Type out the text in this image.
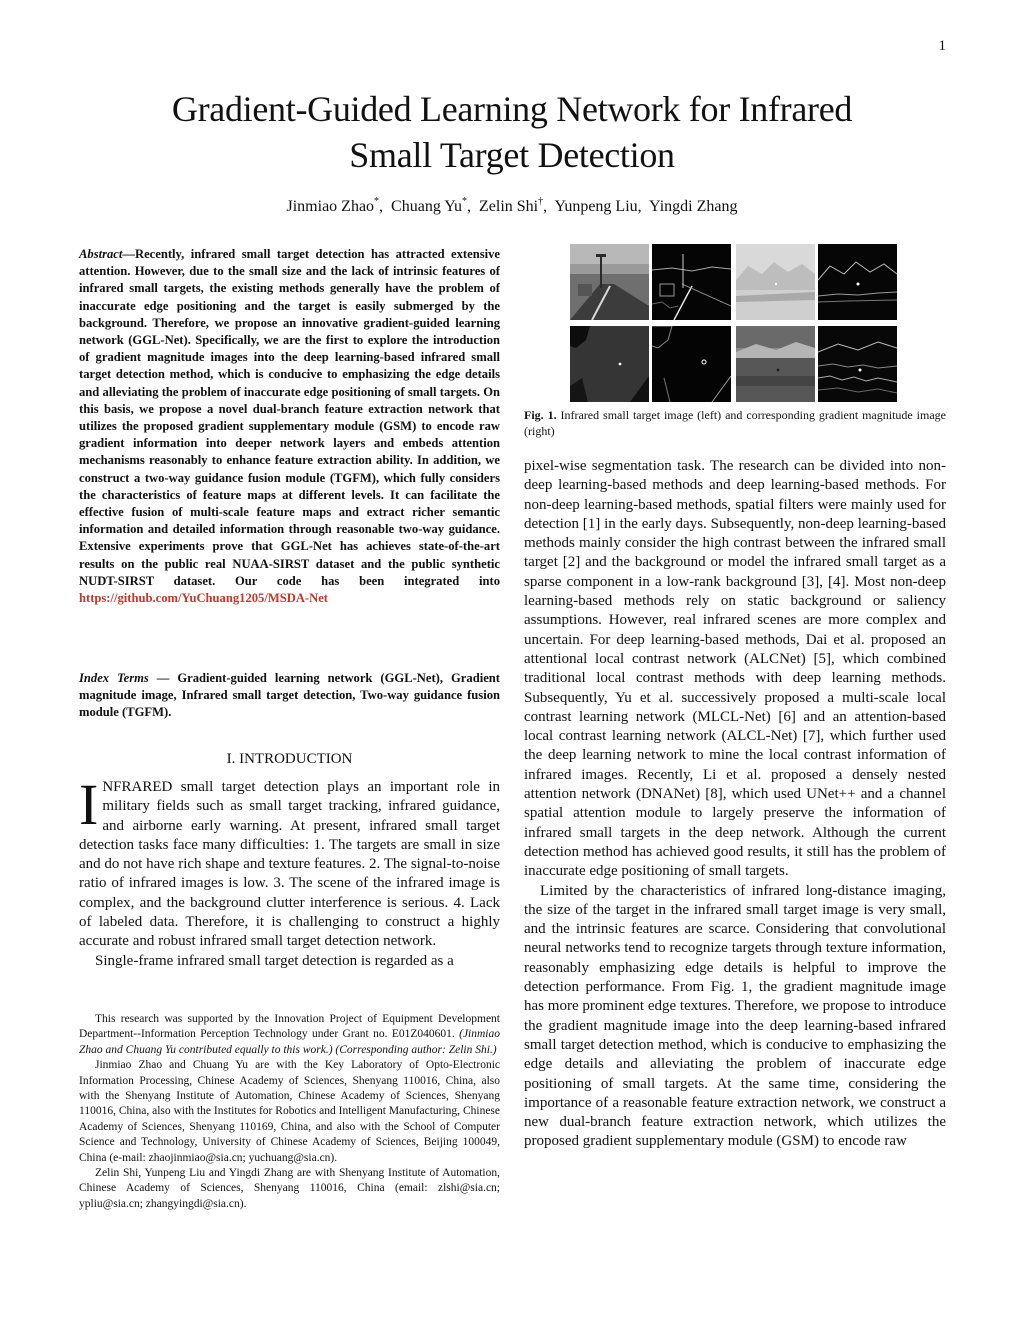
1
Gradient-Guided Learning Network for Infrared
Small Target Detection
Jinmiao Zhao*,  Chuang Yu*,  Zelin Shi†,  Yunpeng Liu,  Yingdi Zhang
Abstract—Recently, infrared small target detection has attracted extensive attention. However, due to the small size and the lack of intrinsic features of infrared small targets, the existing methods generally have the problem of inaccurate edge positioning and the target is easily submerged by the background. Therefore, we propose an innovative gradient-guided learning network (GGL-Net). Specifically, we are the first to explore the introduction of gradient magnitude images into the deep learning-based infrared small target detection method, which is conducive to emphasizing the edge details and alleviating the problem of inaccurate edge positioning of small targets. On this basis, we propose a novel dual-branch feature extraction network that utilizes the proposed gradient supplementary module (GSM) to encode raw gradient information into deeper network layers and embeds attention mechanisms reasonably to enhance feature extraction ability. In addition, we construct a two-way guidance fusion module (TGFM), which fully considers the characteristics of feature maps at different levels. It can facilitate the effective fusion of multi-scale feature maps and extract richer semantic information and detailed information through reasonable two-way guidance. Extensive experiments prove that GGL-Net has achieves state-of-the-art results on the public real NUAA-SIRST dataset and the public synthetic NUDT-SIRST dataset. Our code has been integrated into https://github.com/YuChuang1205/MSDA-Net
Index Terms — Gradient-guided learning network (GGL-Net), Gradient magnitude image, Infrared small target detection, Two-way guidance fusion module (TGFM).
I. INTRODUCTION

INFRARED small target detection plays an important role in military fields such as small target tracking, infrared guidance, and airborne early warning. At present, infrared small target detection tasks face many difficulties: 1. The targets are small in size and do not have rich shape and texture features. 2. The signal-to-noise ratio of infrared images is low. 3. The scene of the infrared image is complex, and the background clutter interference is serious. 4. Lack of labeled data. Therefore, it is challenging to construct a highly accurate and robust infrared small target detection network.

Single-frame infrared small target detection is regarded as a

This research was supported by the Innovation Project of Equipment Development Department--Information Perception Technology under Grant no. E01Z040601. (Jinmiao Zhao and Chuang Yu contributed equally to this work.) (Corresponding author: Zelin Shi.)

Jinmiao Zhao and Chuang Yu are with the Key Laboratory of Opto-Electronic Information Processing, Chinese Academy of Sciences, Shenyang 110016, China, also with the Shenyang Institute of Automation, Chinese Academy of Sciences, Shenyang 110016, China, also with the Institutes for Robotics and Intelligent Manufacturing, Chinese Academy of Sciences, Shenyang 110169, China, and also with the School of Computer Science and Technology, University of Chinese Academy of Sciences, Beijing 100049, China (e-mail: zhaojinmiao@sia.cn; yuchuang@sia.cn).

Zelin Shi, Yunpeng Liu and Yingdi Zhang are with Shenyang Institute of Automation, Chinese Academy of Sciences, Shenyang 110016, China (email: zlshi@sia.cn; ypliu@sia.cn; zhangyingdi@sia.cn).

Fig. 1. Infrared small target image (left) and corresponding gradient magnitude image (right)

pixel-wise segmentation task. The research can be divided into non-deep learning-based methods and deep learning-based methods. For non-deep learning-based methods, spatial filters were mainly used for detection [1] in the early days. Subsequently, non-deep learning-based methods mainly consider the high contrast between the infrared small target [2] and the background or model the infrared small target as a sparse component in a low-rank background [3], [4]. Most non-deep learning-based methods rely on static background or saliency assumptions. However, real infrared scenes are more complex and uncertain. For deep learning-based methods, Dai et al. proposed an attentional local contrast network (ALCNet) [5], which combined traditional local contrast methods with deep learning methods. Subsequently, Yu et al. successively proposed a multi-scale local contrast learning network (MLCL-Net) [6] and an attention-based local contrast learning network (ALCL-Net) [7], which further used the deep learning network to mine the local contrast information of infrared images. Recently, Li et al. proposed a densely nested attention network (DNANet) [8], which used UNet++ and a channel spatial attention module to largely preserve the information of infrared small targets in the deep network. Although the current detection method has achieved good results, it still has the problem of inaccurate edge positioning of small targets.

Limited by the characteristics of infrared long-distance imaging, the size of the target in the infrared small target image is very small, and the intrinsic features are scarce. Considering that convolutional neural networks tend to recognize targets through texture information, reasonably emphasizing edge details is helpful to improve the detection performance. From Fig. 1, the gradient magnitude image has more prominent edge textures. Therefore, we propose to introduce the gradient magnitude image into the deep learning-based infrared small target detection method, which is conducive to emphasizing the edge details and alleviating the problem of inaccurate edge positioning of small targets. At the same time, considering the importance of a reasonable feature extraction network, we construct a new dual-branch feature extraction network, which utilizes the proposed gradient supplementary module (GSM) to encode raw
